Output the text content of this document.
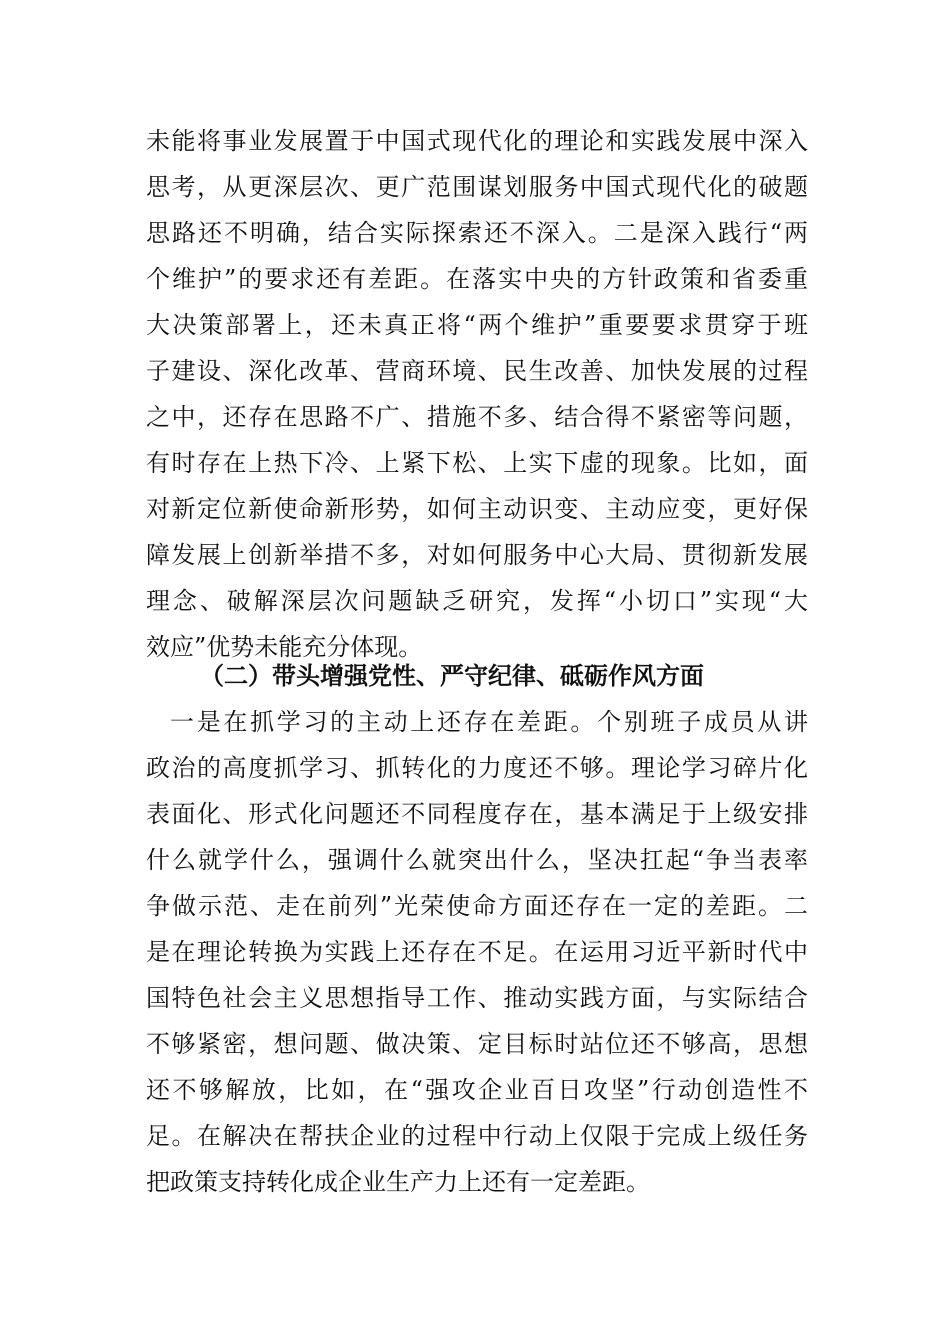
未能将事业发展置于中国式现代化的理论和实践发展中深入
思考，从更深层次、更广范围谋划服务中国式现代化的破题
思路还不明确，结合实际探索还不深入。二是深入践行“两
个维护”的要求还有差距。在落实中央的方针政策和省委重
大决策部署上，还未真正将“两个维护”重要要求贯穿于班
子建设、深化改革、营商环境、民生改善、加快发展的过程
之中，还存在思路不广、措施不多、结合得不紧密等问题，
有时存在上热下冷、上紧下松、上实下虚的现象。比如，面
对新定位新使命新形势，如何主动识变、主动应变，更好保
障发展上创新举措不多，对如何服务中心大局、贯彻新发展
理念、破解深层次问题缺乏研究，发挥“小切口”实现“大
效应”优势未能充分体现。
（二）带头增强党性、严守纪律、砥砺作风方面
一是在抓学习的主动上还存在差距。个别班子成员从讲
政治的高度抓学习、抓转化的力度还不够。理论学习碎片化
表面化、形式化问题还不同程度存在，基本满足于上级安排
什么就学什么，强调什么就突出什么，坚决扛起“争当表率
争做示范、走在前列”光荣使命方面还存在一定的差距。二
是在理论转换为实践上还存在不足。在运用习近平新时代中
国特色社会主义思想指导工作、推动实践方面，与实际结合
不够紧密，想问题、做决策、定目标时站位还不够高，思想
还不够解放，比如，在“强攻企业百日攻坚”行动创造性不
足。在解决在帮扶企业的过程中行动上仅限于完成上级任务
把政策支持转化成企业生产力上还有一定差距。
